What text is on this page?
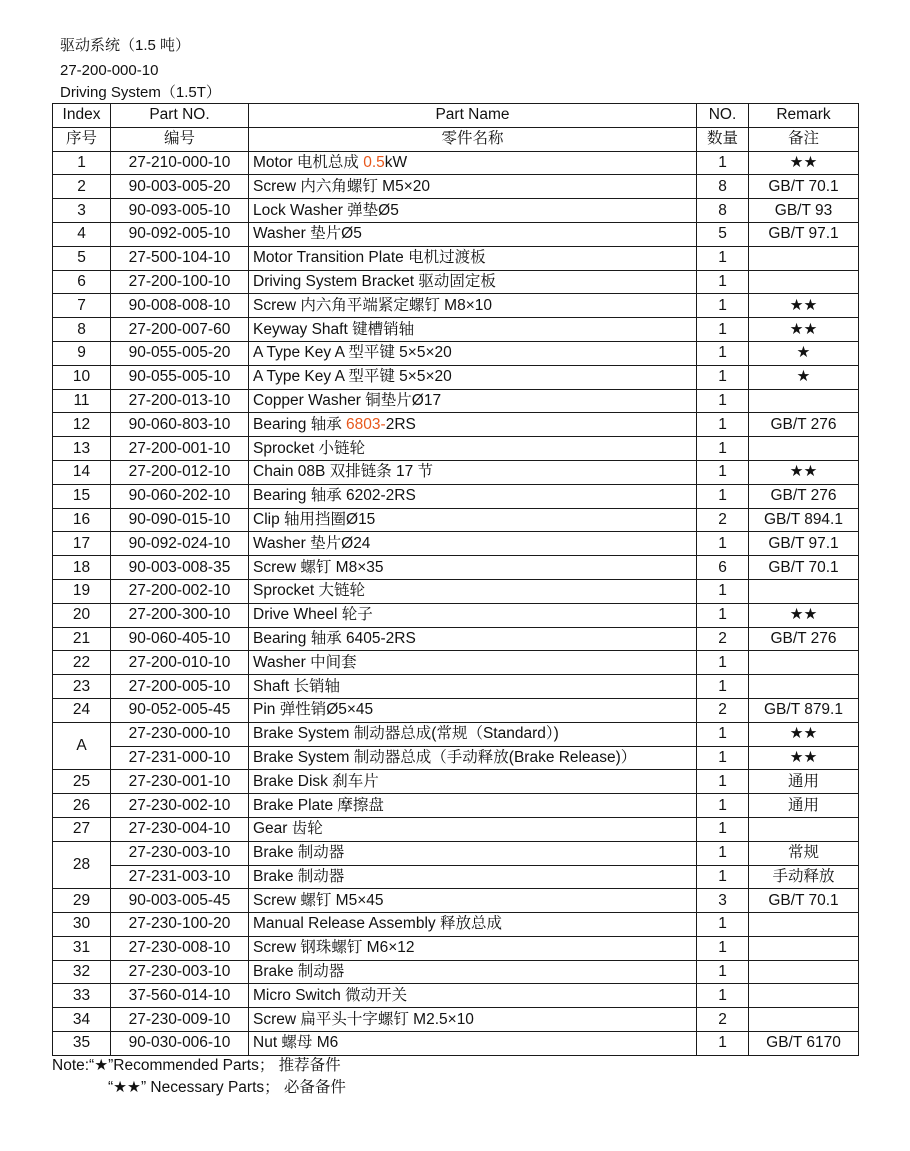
驱动系统（1.5 吨）
27-200-000-10
Driving System（1.5T）
Index	Part NO.	Part Name	NO.	Remark
序号	编号	零件名称	数量	备注
1	27-210-000-10	Motor 电机总成 0.5kW	1	★★
2	90-003-005-20	Screw 内六角螺钉 M5×20	8	GB/T 70.1
3	90-093-005-10	Lock Washer 弹垫Ø5	8	GB/T 93
4	90-092-005-10	Washer 垫片Ø5	5	GB/T 97.1
5	27-500-104-10	Motor Transition Plate 电机过渡板	1	
6	27-200-100-10	Driving System Bracket 驱动固定板	1	
7	90-008-008-10	Screw 内六角平端紧定螺钉 M8×10	1	★★
8	27-200-007-60	Keyway Shaft 键槽销轴	1	★★
9	90-055-005-20	A Type Key A 型平键 5×5×20	1	★
10	90-055-005-10	A Type Key A 型平键 5×5×20	1	★
11	27-200-013-10	Copper Washer 铜垫片Ø17	1	
12	90-060-803-10	Bearing 轴承 6803-2RS	1	GB/T 276
13	27-200-001-10	Sprocket 小链轮	1	
14	27-200-012-10	Chain 08B 双排链条 17 节	1	★★
15	90-060-202-10	Bearing 轴承 6202-2RS	1	GB/T 276
16	90-090-015-10	Clip 轴用挡圈Ø15	2	GB/T 894.1
17	90-092-024-10	Washer 垫片Ø24	1	GB/T 97.1
18	90-003-008-35	Screw 螺钉 M8×35	6	GB/T 70.1
19	27-200-002-10	Sprocket 大链轮	1	
20	27-200-300-10	Drive Wheel 轮子	1	★★
21	90-060-405-10	Bearing 轴承 6405-2RS	2	GB/T 276
22	27-200-010-10	Washer 中间套	1	
23	27-200-005-10	Shaft 长销轴	1	
24	90-052-005-45	Pin 弹性销Ø5×45	2	GB/T 879.1
A	27-230-000-10	Brake System 制动器总成(常规（Standard）)	1	★★
	27-231-000-10	Brake System 制动器总成（手动释放(Brake Release)）	1	★★
25	27-230-001-10	Brake Disk 刹车片	1	通用
26	27-230-002-10	Brake Plate 摩擦盘	1	通用
27	27-230-004-10	Gear 齿轮	1	
28	27-230-003-10	Brake 制动器	1	常规
	27-231-003-10	Brake 制动器	1	手动释放
29	90-003-005-45	Screw 螺钉 M5×45	3	GB/T 70.1
30	27-230-100-20	Manual Release Assembly 释放总成	1	
31	27-230-008-10	Screw 钢珠螺钉 M6×12	1	
32	27-230-003-10	Brake 制动器	1	
33	37-560-014-10	Micro Switch 微动开关	1	
34	27-230-009-10	Screw 扁平头十字螺钉 M2.5×10	2	
35	90-030-006-10	Nut 螺母 M6	1	GB/T 6170
Note:“★”Recommended Parts； 推荐备件
“★★” Necessary Parts； 必备备件
